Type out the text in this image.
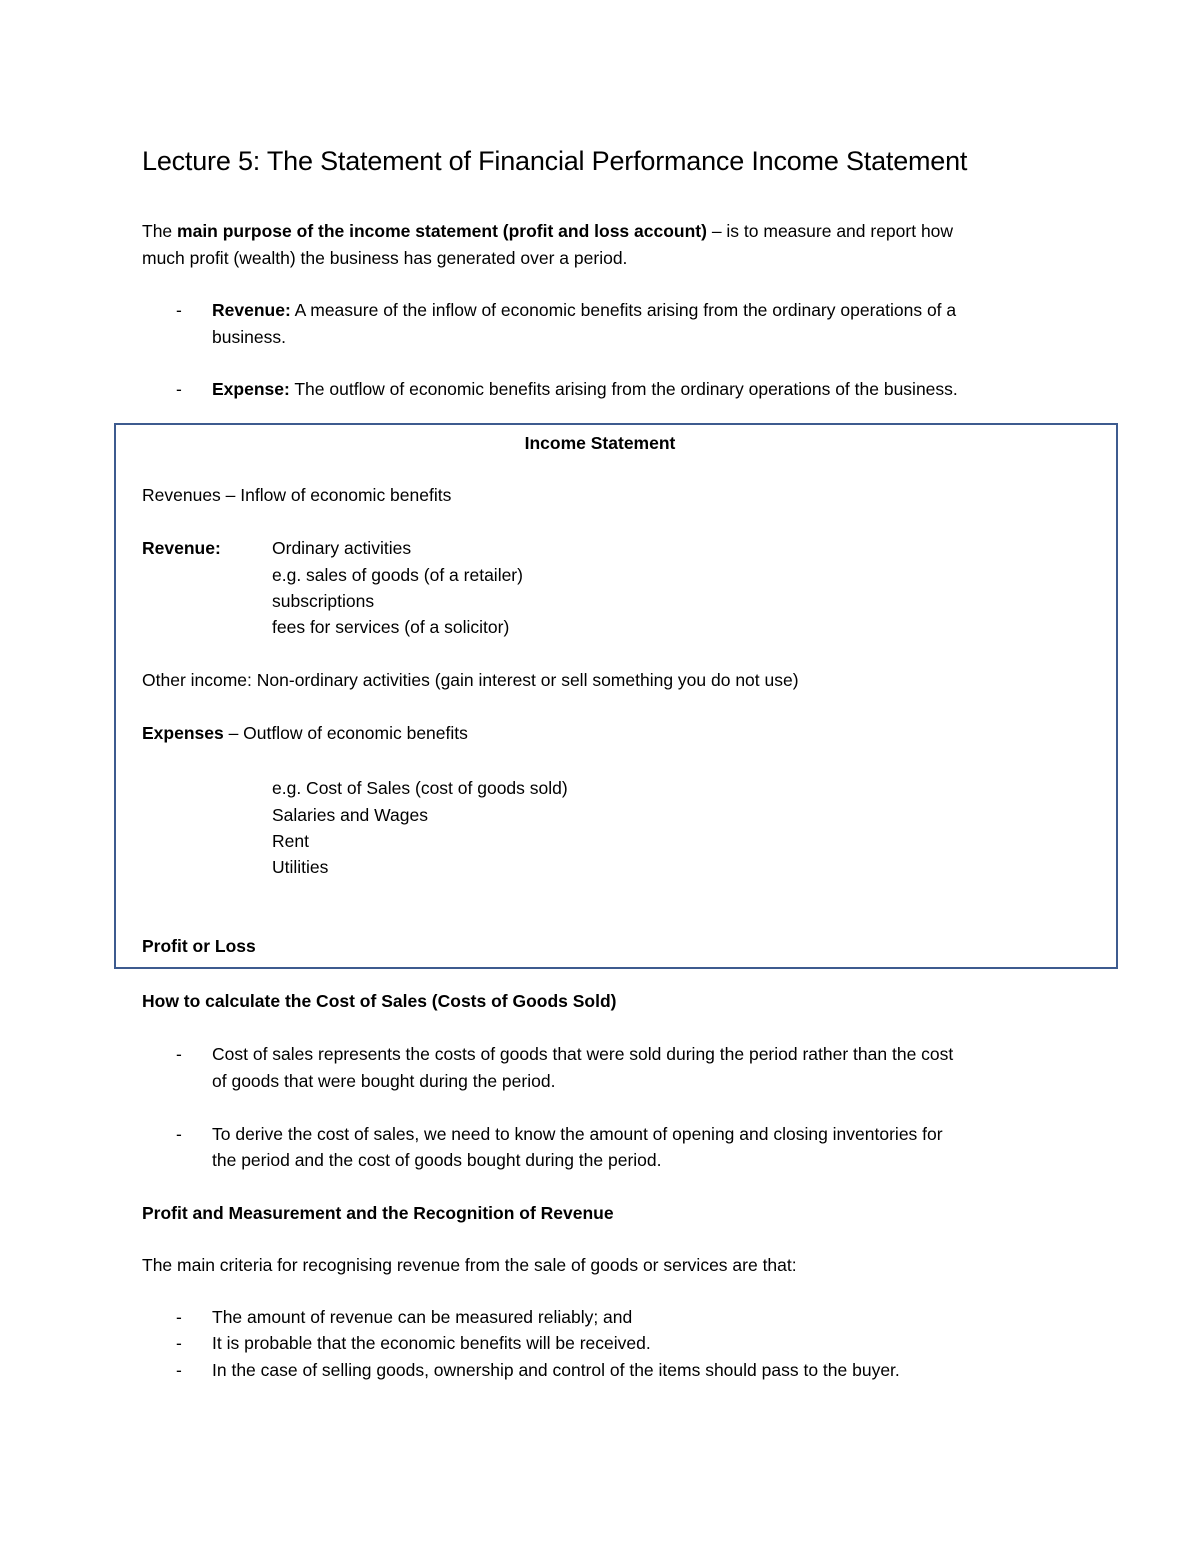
Lecture 5: The Statement of Financial Performance Income Statement
The main purpose of the income statement (profit and loss account) – is to measure and report how
much profit (wealth) the business has generated over a period.
- Revenue: A measure of the inflow of economic benefits arising from the ordinary operations of a
business.
- Expense: The outflow of economic benefits arising from the ordinary operations of the business.
Income Statement
Revenues – Inflow of economic benefits
Revenue:	Ordinary activities
e.g. sales of goods (of a retailer)
subscriptions
fees for services (of a solicitor)
Other income: Non-ordinary activities (gain interest or sell something you do not use)
Expenses – Outflow of economic benefits
e.g. Cost of Sales (cost of goods sold)
Salaries and Wages
Rent
Utilities
Profit or Loss
How to calculate the Cost of Sales (Costs of Goods Sold)
- Cost of sales represents the costs of goods that were sold during the period rather than the cost
of goods that were bought during the period.
- To derive the cost of sales, we need to know the amount of opening and closing inventories for
the period and the cost of goods bought during the period.
Profit and Measurement and the Recognition of Revenue
The main criteria for recognising revenue from the sale of goods or services are that:
- The amount of revenue can be measured reliably; and
- It is probable that the economic benefits will be received.
- In the case of selling goods, ownership and control of the items should pass to the buyer.
